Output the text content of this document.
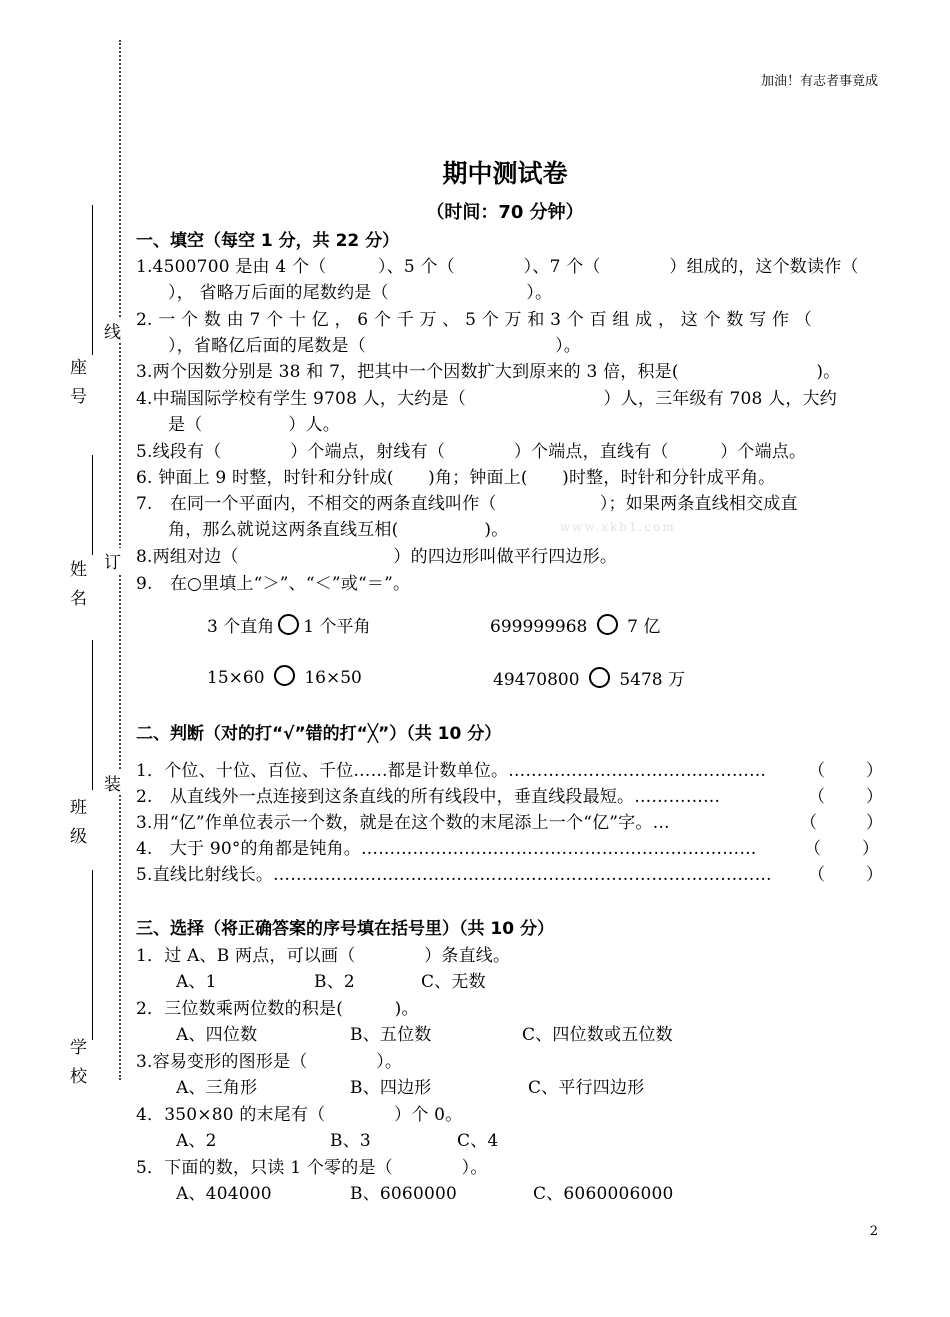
座号
姓名
班级
学校
线
订
装
加油！有志者事竟成
期中测试卷
（时间：70 分钟）
www.xkb1.com
一、填空（每空 1 分，共 22 分）
1.4500700 是由 4 个（　　　）、5 个（　　　　）、7 个（　　　　）组成的，这个数读作（
）， 省略万后面的尾数约是（　　　　　　　　）。
2. 一 个 数 由 7 个 十 亿 ， 6 个 千 万 、 5 个 万 和 3 个 百 组 成 ， 这 个 数 写 作 （
），省略亿后面的尾数是（　　　　　　　　　　　）。
3.两个因数分别是 38 和 7，把其中一个因数扩大到原来的 3 倍，积是(　　　　　　　　)。
4.中瑞国际学校有学生 9708 人，大约是（　　　　　　　　）人，三年级有 708 人，大约
是（　　　　　）人。
5.线段有（　　　　）个端点，射线有（　　　　）个端点，直线有（　　　）个端点。
6. 钟面上 9 时整，时针和分针成(　　)角；钟面上(　　)时整，时针和分针成平角。
7.　在同一个平面内，不相交的两条直线叫作（　　　　　　）；如果两条直线相交成直
角，那么就说这两条直线互相(　　　　　)。
8.两组对边（　　　　　　　　　）的四边形叫做平行四边形。
9.　在○里填上“＞”、“＜”或“＝”。
3 个直角 1 个平角	699999968 7 亿
15×60 16×50	49470800 5478 万
二、判断（对的打“√”错的打“╳”）（共 10 分）
1．个位、十位、百位、千位……都是计数单位。……………………………………… （ ）
2.　从直线外一点连接到这条直线的所有线段中，垂直线段最短。……………	（ ）
3.用“亿”作单位表示一个数，就是在这个数的末尾添上一个“亿”字。…	（	）
4.　大于 90°的角都是钝角。……………………………………………………………	（ ）
5.直线比射线长。…………………………………………………………………………… （ ）
三、选择（将正确答案的序号填在括号里）（共 10 分）
1．过 A、B 两点，可以画（　　　　）条直线。
A、1	B、2	C、无数
2．三位数乘两位数的积是(　　　)。
A、四位数	B、五位数	C、四位数或五位数
3.容易变形的图形是（　　　　）。
A、三角形	B、四边形	C、平行四边形
4．350×80 的末尾有（　　　　）个 0。
A、2	B、3	C、4
5．下面的数，只读 1 个零的是（　　　　）。
A、404000	B、6060000	C、6060006000
2
